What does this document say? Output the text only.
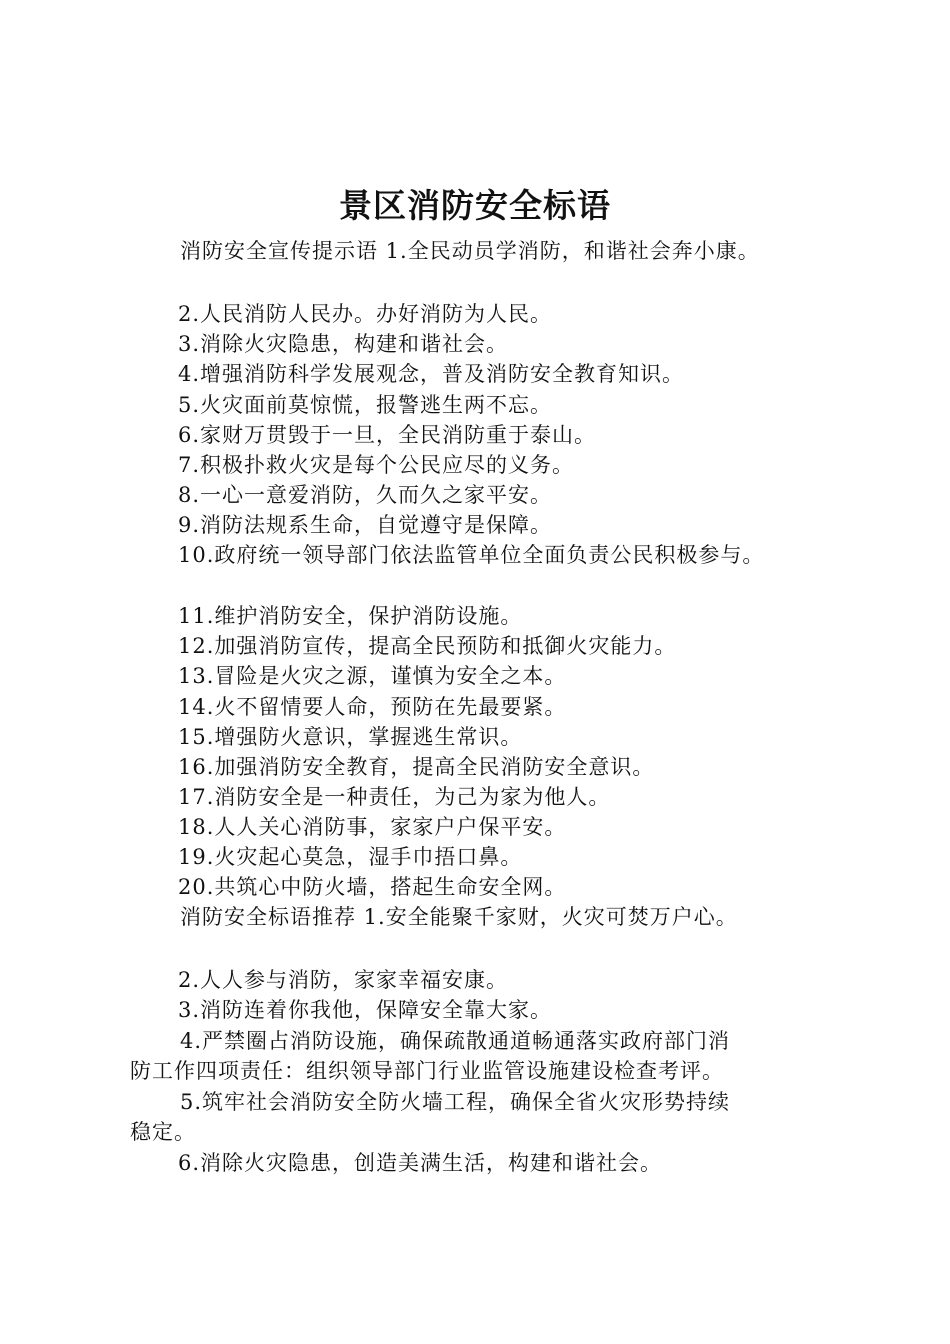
景区消防安全标语
消防安全宣传提示语 1.全民动员学消防，和谐社会奔小康。
2.人民消防人民办。办好消防为人民。
3.消除火灾隐患，构建和谐社会。
4.增强消防科学发展观念，普及消防安全教育知识。
5.火灾面前莫惊慌，报警逃生两不忘。
6.家财万贯毁于一旦，全民消防重于泰山。
7.积极扑救火灾是每个公民应尽的义务。
8.一心一意爱消防，久而久之家平安。
9.消防法规系生命，自觉遵守是保障。
10.政府统一领导部门依法监管单位全面负责公民积极参与。
11.维护消防安全，保护消防设施。
12.加强消防宣传，提高全民预防和抵御火灾能力。
13.冒险是火灾之源，谨慎为安全之本。
14.火不留情要人命，预防在先最要紧。
15.增强防火意识，掌握逃生常识。
16.加强消防安全教育，提高全民消防安全意识。
17.消防安全是一种责任，为己为家为他人。
18.人人关心消防事，家家户户保平安。
19.火灾起心莫急，湿手巾捂口鼻。
20.共筑心中防火墙，搭起生命安全网。
消防安全标语推荐 1.安全能聚千家财，火灾可焚万户心。
2.人人参与消防，家家幸福安康。
3.消防连着你我他，保障安全靠大家。
4.严禁圈占消防设施，确保疏散通道畅通落实政府部门消
防工作四项责任：组织领导部门行业监管设施建设检查考评。
5.筑牢社会消防安全防火墙工程，确保全省火灾形势持续
稳定。
6.消除火灾隐患，创造美满生活，构建和谐社会。
